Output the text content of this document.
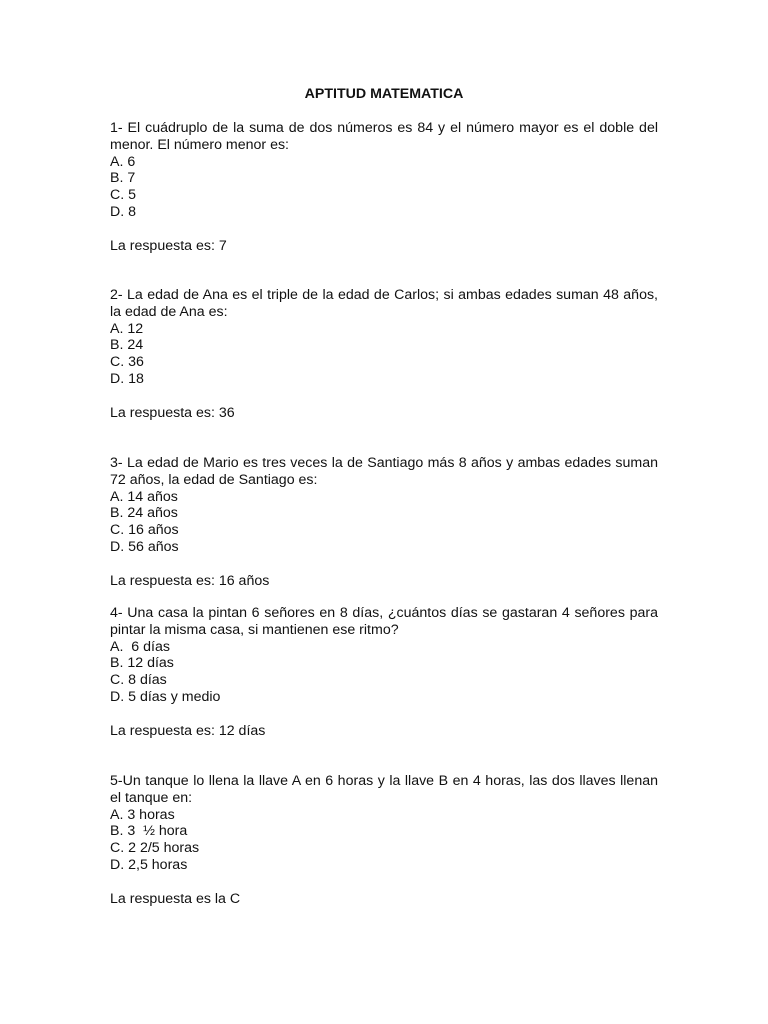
APTITUD MATEMATICA

1- El cuádruplo de la suma de dos números es 84 y el número mayor es el doble del menor. El número menor es:

A. 6
B. 7
C. 5
D. 8
La respuesta es: 7

2- La edad de Ana es el triple de la edad de Carlos; si ambas edades suman 48 años, la edad de Ana es:

A. 12
B. 24
C. 36
D. 18
La respuesta es: 36

3- La edad de Mario es tres veces la de Santiago más 8 años y ambas edades suman 72 años, la edad de Santiago es:

A. 14 años
B. 24 años
C. 16 años
D. 56 años
La respuesta es: 16 años

4- Una casa la pintan 6 señores en 8 días, ¿cuántos días se gastaran 4 señores para pintar la misma casa, si mantienen ese ritmo?

A.  6 días
B. 12 días
C. 8 días
D. 5 días y medio
La respuesta es: 12 días

5-Un tanque lo llena la llave A en 6 horas y la llave B en 4 horas, las dos llaves llenan el tanque en:

A. 3 horas
B. 3  ½ hora
C. 2 2/5 horas
D. 2,5 horas
La respuesta es la C
